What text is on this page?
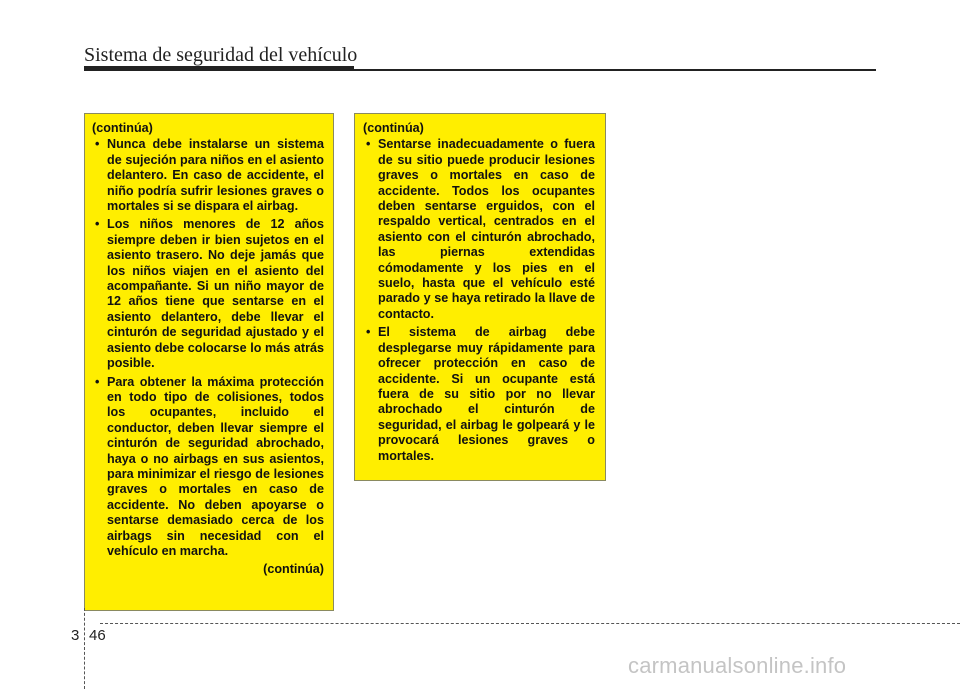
Sistema de seguridad del vehículo
(continúa)
• Nunca debe instalarse un sistema de sujeción para niños en el asiento delantero. En caso de accidente, el niño podría sufrir lesiones graves o mortales si se dispara el airbag.
• Los niños menores de 12 años siempre deben ir bien sujetos en el asiento trasero. No deje jamás que los niños viajen en el asiento del acompañante. Si un niño mayor de 12 años tiene que sentarse en el asiento delantero, debe llevar el cinturón de seguridad ajustado y el asiento debe colocarse lo más atrás posible.
• Para obtener la máxima protección en todo tipo de colisiones, todos los ocupantes, incluido el conductor, deben llevar siempre el cinturón de seguridad abrochado, haya o no airbags en sus asientos, para minimizar el riesgo de lesiones graves o mortales en caso de accidente. No deben apoyarse o sentarse demasiado cerca de los airbags sin necesidad con el vehículo en marcha.
(continúa)
(continúa)
• Sentarse inadecuadamente o fuera de su sitio puede producir lesiones graves o mortales en caso de accidente. Todos los ocupantes deben sentarse erguidos, con el respaldo vertical, centrados en el asiento con el cinturón abrochado, las piernas extendidas cómodamente y los pies en el suelo, hasta que el vehículo esté parado y se haya retirado la llave de contacto.
• El sistema de airbag debe desplegarse muy rápidamente para ofrecer protección en caso de accidente. Si un ocupante está fuera de su sitio por no llevar abrochado el cinturón de seguridad, el airbag le golpeará y le provocará lesiones graves o mortales.
3 46
carmanualsonline.info
